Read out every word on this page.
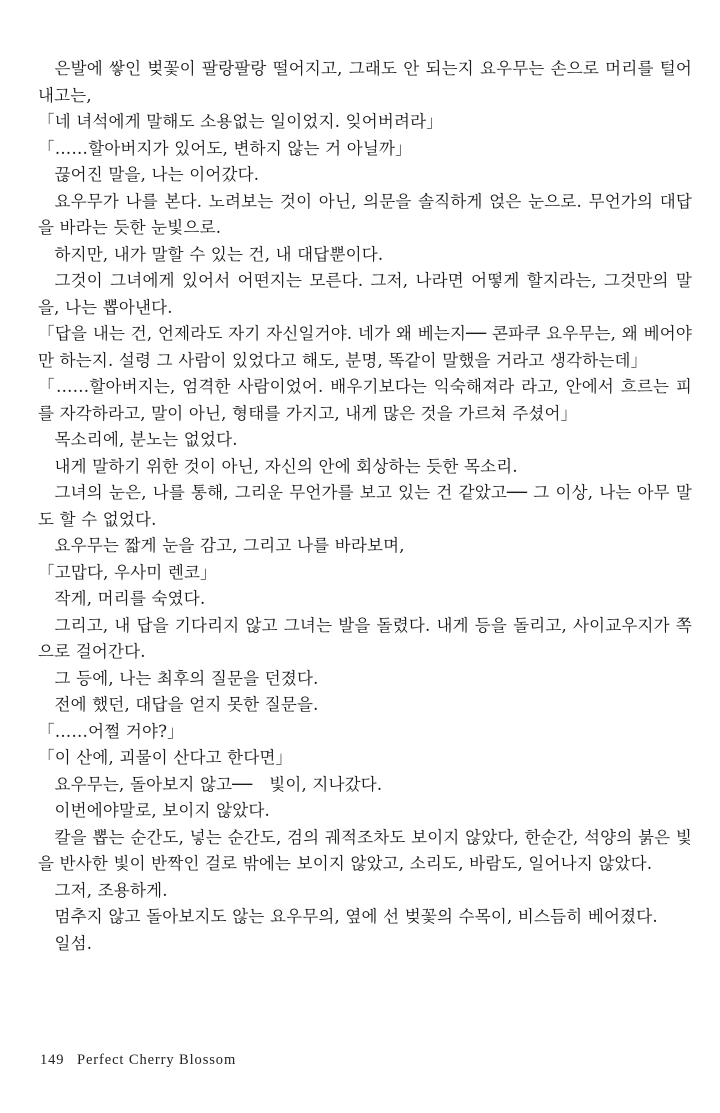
은발에 쌓인 벚꽃이 팔랑팔랑 떨어지고, 그래도 안 되는지 요우무는 손으로 머리를 털어내고는,

「네 녀석에게 말해도 소용없는 일이었지. 잊어버려라」

「……할아버지가 있어도, 변하지 않는 거 아닐까」

끊어진 말을, 나는 이어갔다.

요우무가 나를 본다. 노려보는 것이 아닌, 의문을 솔직하게 얹은 눈으로. 무언가의 대답을 바라는 듯한 눈빛으로.

하지만, 내가 말할 수 있는 건, 내 대답뿐이다.

그것이 그녀에게 있어서 어떤지는 모른다. 그저, 나라면 어떻게 할지라는, 그것만의 말을, 나는 뽑아낸다.

「답을 내는 건, 언제라도 자기 자신일거야. 네가 왜 베는지── 콘파쿠 요우무는, 왜 베어야만 하는지. 설령 그 사람이 있었다고 해도, 분명, 똑같이 말했을 거라고 생각하는데」

「……할아버지는, 엄격한 사람이었어. 배우기보다는 익숙해져라 라고, 안에서 흐르는 피를 자각하라고, 말이 아닌, 형태를 가지고, 내게 많은 것을 가르쳐 주셨어」

목소리에, 분노는 없었다.

내게 말하기 위한 것이 아닌, 자신의 안에 회상하는 듯한 목소리.

그녀의 눈은, 나를 통해, 그리운 무언가를 보고 있는 건 같았고── 그 이상, 나는 아무 말도 할 수 없었다.

요우무는 짧게 눈을 감고, 그리고 나를 바라보며,

「고맙다, 우사미 렌코」

작게, 머리를 숙였다.

그리고, 내 답을 기다리지 않고 그녀는 발을 돌렸다. 내게 등을 돌리고, 사이교우지가 쪽으로 걸어간다.

그 등에, 나는 최후의 질문을 던졌다.

전에 했던, 대답을 얻지 못한 질문을.

「……어쩔 거야?」

「이 산에, 괴물이 산다고 한다면」

요우무는, 돌아보지 않고──　빛이, 지나갔다.

이번에야말로, 보이지 않았다.

칼을 뽑는 순간도, 넣는 순간도, 검의 궤적조차도 보이지 않았다, 한순간, 석양의 붉은 빛을 반사한 빛이 반짝인 걸로 밖에는 보이지 않았고, 소리도, 바람도, 일어나지 않았다.

그저, 조용하게.

멈추지 않고 돌아보지도 않는 요우무의, 옆에 선 벚꽃의 수목이, 비스듬히 베어졌다.

일섬.

149 Perfect Cherry Blossom
